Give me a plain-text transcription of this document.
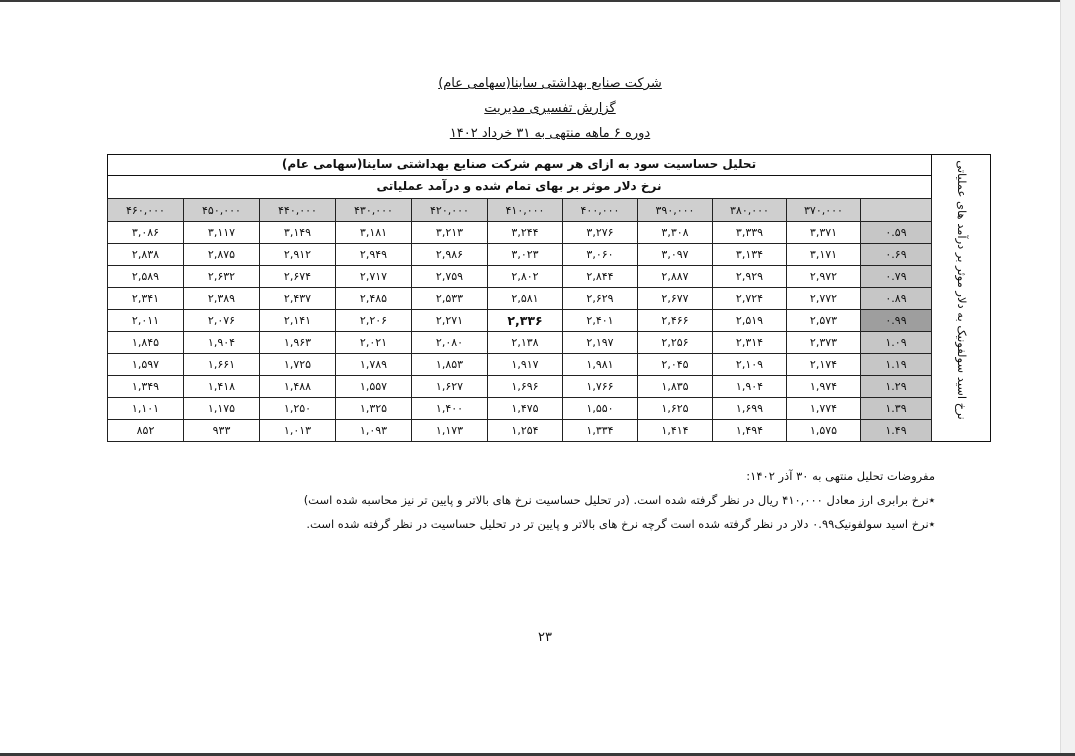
شرکت صنایع بهداشتی ساینا(سهامی عام)
گزارش تفسیری مدیریت
دوره ۶ ماهه منتهی به ۳۱ خرداد ۱۴۰۲
نرخ اسید سولفونیک به دلار موثر بر درآمد های عملیاتی
تحلیل حساسیت سود به ازای هر سهم شرکت صنایع بهداشتی ساینا(سهامی عام)
نرخ دلار موثر بر بهای تمام شده و درآمد عملیاتی
۴۶۰,۰۰۰	۴۵۰,۰۰۰	۴۴۰,۰۰۰	۴۳۰,۰۰۰	۴۲۰,۰۰۰	۴۱۰,۰۰۰	۴۰۰,۰۰۰	۳۹۰,۰۰۰	۳۸۰,۰۰۰	۳۷۰,۰۰۰	
۳,۰۸۶	۳,۱۱۷	۳,۱۴۹	۳,۱۸۱	۳,۲۱۳	۳,۲۴۴	۳,۲۷۶	۳,۳۰۸	۳,۳۳۹	۳,۳۷۱	۰.۵۹
۲,۸۳۸	۲,۸۷۵	۲,۹۱۲	۲,۹۴۹	۲,۹۸۶	۳,۰۲۳	۳,۰۶۰	۳,۰۹۷	۳,۱۳۴	۳,۱۷۱	۰.۶۹
۲,۵۸۹	۲,۶۳۲	۲,۶۷۴	۲,۷۱۷	۲,۷۵۹	۲,۸۰۲	۲,۸۴۴	۲,۸۸۷	۲,۹۲۹	۲,۹۷۲	۰.۷۹
۲,۳۴۱	۲,۳۸۹	۲,۴۳۷	۲,۴۸۵	۲,۵۳۳	۲,۵۸۱	۲,۶۲۹	۲,۶۷۷	۲,۷۲۴	۲,۷۷۲	۰.۸۹
۲,۰۱۱	۲,۰۷۶	۲,۱۴۱	۲,۲۰۶	۲,۲۷۱	۲,۳۳۶	۲,۴۰۱	۲,۴۶۶	۲,۵۱۹	۲,۵۷۳	۰.۹۹
۱,۸۴۵	۱,۹۰۴	۱,۹۶۳	۲,۰۲۱	۲,۰۸۰	۲,۱۳۸	۲,۱۹۷	۲,۲۵۶	۲,۳۱۴	۲,۳۷۳	۱.۰۹
۱,۵۹۷	۱,۶۶۱	۱,۷۲۵	۱,۷۸۹	۱,۸۵۳	۱,۹۱۷	۱,۹۸۱	۲,۰۴۵	۲,۱۰۹	۲,۱۷۴	۱.۱۹
۱,۳۴۹	۱,۴۱۸	۱,۴۸۸	۱,۵۵۷	۱,۶۲۷	۱,۶۹۶	۱,۷۶۶	۱,۸۳۵	۱,۹۰۴	۱,۹۷۴	۱.۲۹
۱,۱۰۱	۱,۱۷۵	۱,۲۵۰	۱,۳۲۵	۱,۴۰۰	۱,۴۷۵	۱,۵۵۰	۱,۶۲۵	۱,۶۹۹	۱,۷۷۴	۱.۳۹
۸۵۲	۹۳۳	۱,۰۱۳	۱,۰۹۳	۱,۱۷۳	۱,۲۵۴	۱,۳۳۴	۱,۴۱۴	۱,۴۹۴	۱,۵۷۵	۱.۴۹
مفروضات تحلیل منتهی به ۳۰ آذر ۱۴۰۲:
٭نرخ برابری ارز معادل ۴۱۰,۰۰۰ ریال در نظر گرفته شده است. (در تحلیل حساسیت نرخ های بالاتر و پایین تر نیز محاسبه شده است)
٭نرخ اسید سولفونیک۰.۹۹ دلار در نظر گرفته شده است گرچه نرخ های بالاتر و پایین تر در تحلیل حساسیت در نظر گرفته شده است.
۲۳
